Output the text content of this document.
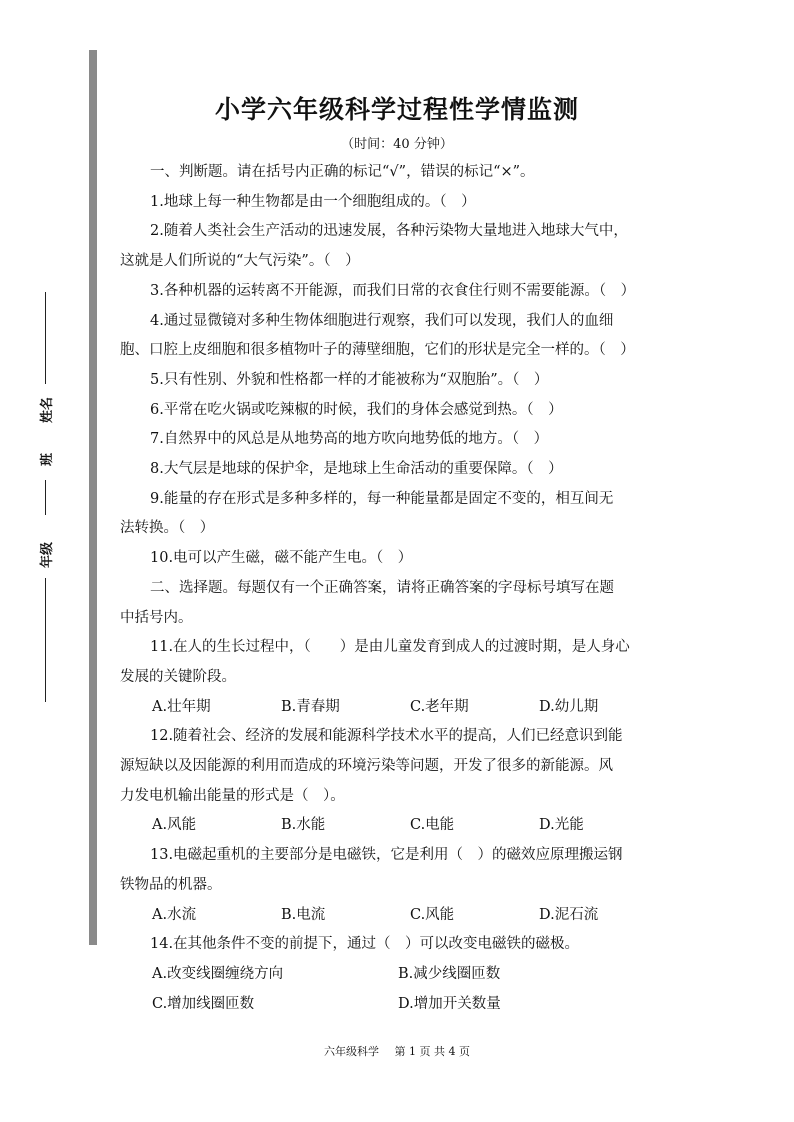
姓名
班
年级
小学六年级科学过程性学情监测
（时间：40 分钟）

一、判断题。请在括号内正确的标记“√”，错误的标记“×”。

1.地球上每一种生物都是由一个细胞组成的。（　）

2.随着人类社会生产活动的迅速发展，各种污染物大量地进入地球大气中，

这就是人们所说的“大气污染”。（　）

3.各种机器的运转离不开能源，而我们日常的衣食住行则不需要能源。（　）

4.通过显微镜对多种生物体细胞进行观察，我们可以发现，我们人的血细

胞、口腔上皮细胞和很多植物叶子的薄壁细胞，它们的形状是完全一样的。（　）

5.只有性别、外貌和性格都一样的才能被称为“双胞胎”。（　）

6.平常在吃火锅或吃辣椒的时候，我们的身体会感觉到热。（　）

7.自然界中的风总是从地势高的地方吹向地势低的地方。（　）

8.大气层是地球的保护伞，是地球上生命活动的重要保障。（　）

9.能量的存在形式是多种多样的，每一种能量都是固定不变的，相互间无

法转换。（　）

10.电可以产生磁，磁不能产生电。（　）

二、选择题。每题仅有一个正确答案，请将正确答案的字母标号填写在题

中括号内。

11.在人的生长过程中，（　　）是由儿童发育到成人的过渡时期，是人身心

发展的关键阶段。

A.壮年期	B.青春期	C.老年期	D.幼儿期

12.随着社会、经济的发展和能源科学技术水平的提高，人们已经意识到能

源短缺以及因能源的利用而造成的环境污染等问题，开发了很多的新能源。风

力发电机输出能量的形式是（　）。

A.风能	B.水能	C.电能	D.光能

13.电磁起重机的主要部分是电磁铁，它是利用（　）的磁效应原理搬运钢

铁物品的机器。

A.水流	B.电流	C.风能	D.泥石流

14.在其他条件不变的前提下，通过（　）可以改变电磁铁的磁极。

A.改变线圈缠绕方向	B.减少线圈匝数
C.增加线圈匝数	D.增加开关数量
六年级科学 第 1 页 共 4 页
